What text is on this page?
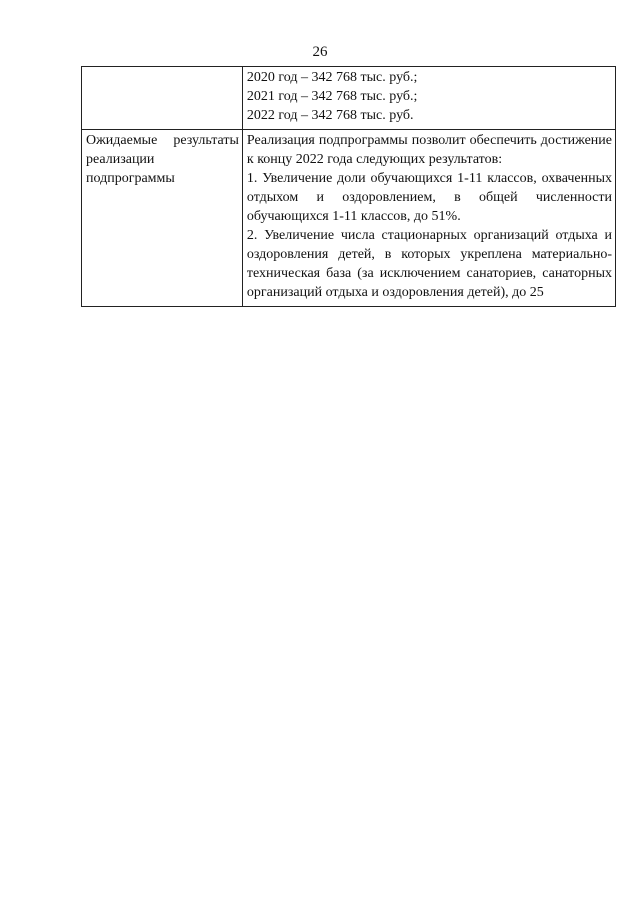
26

	2020 год – 342 768 тыс. руб.;
2021 год – 342 768 тыс. руб.;
2022 год – 342 768 тыс. руб.

Ожидаемые результаты реализации подпрограммы	Реализация подпрограммы позволит обеспечить достижение к концу 2022 года следующих результатов:
1. Увеличение доли обучающихся 1-11 классов, охваченных отдыхом и оздоровлением, в общей численности обучающихся 1-11 классов, до 51%.
2. Увеличение числа стационарных организаций отдыха и оздоровления детей, в которых укреплена материально-техническая база (за исключением санаториев, санаторных организаций отдыха и оздоровления детей), до 25
